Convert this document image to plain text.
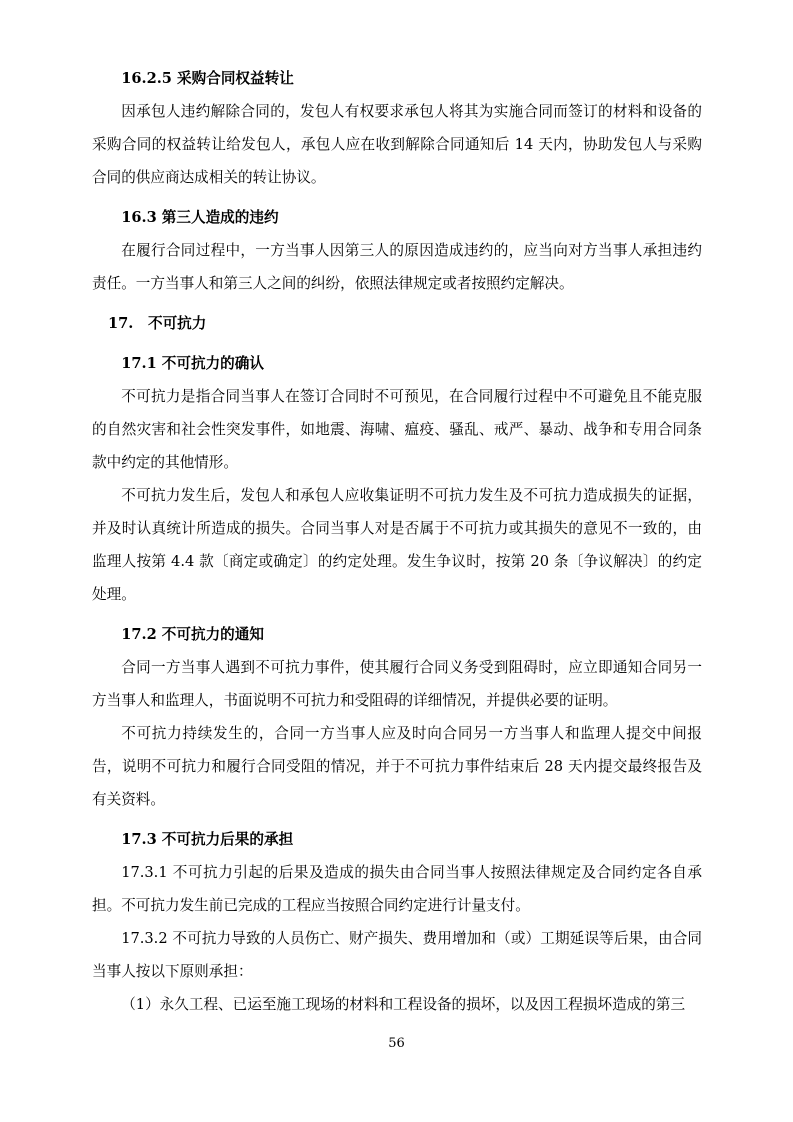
16.2.5 采购合同权益转让

因承包人违约解除合同的，发包人有权要求承包人将其为实施合同而签订的材料和设备的采购合同的权益转让给发包人，承包人应在收到解除合同通知后 14 天内，协助发包人与采购合同的供应商达成相关的转让协议。

16.3 第三人造成的违约

在履行合同过程中，一方当事人因第三人的原因造成违约的，应当向对方当事人承担违约责任。一方当事人和第三人之间的纠纷，依照法律规定或者按照约定解决。

17.　不可抗力

17.1 不可抗力的确认

不可抗力是指合同当事人在签订合同时不可预见，在合同履行过程中不可避免且不能克服的自然灾害和社会性突发事件，如地震、海啸、瘟疫、骚乱、戒严、暴动、战争和专用合同条款中约定的其他情形。

不可抗力发生后，发包人和承包人应收集证明不可抗力发生及不可抗力造成损失的证据，并及时认真统计所造成的损失。合同当事人对是否属于不可抗力或其损失的意见不一致的，由监理人按第 4.4 款〔商定或确定〕的约定处理。发生争议时，按第 20 条〔争议解决〕的约定处理。

17.2 不可抗力的通知

合同一方当事人遇到不可抗力事件，使其履行合同义务受到阻碍时，应立即通知合同另一方当事人和监理人，书面说明不可抗力和受阻碍的详细情况，并提供必要的证明。

不可抗力持续发生的，合同一方当事人应及时向合同另一方当事人和监理人提交中间报告，说明不可抗力和履行合同受阻的情况，并于不可抗力事件结束后 28 天内提交最终报告及有关资料。

17.3 不可抗力后果的承担

17.3.1 不可抗力引起的后果及造成的损失由合同当事人按照法律规定及合同约定各自承担。不可抗力发生前已完成的工程应当按照合同约定进行计量支付。

17.3.2 不可抗力导致的人员伤亡、财产损失、费用增加和（或）工期延误等后果，由合同当事人按以下原则承担：

（1）永久工程、已运至施工现场的材料和工程设备的损坏，以及因工程损坏造成的第三

56
